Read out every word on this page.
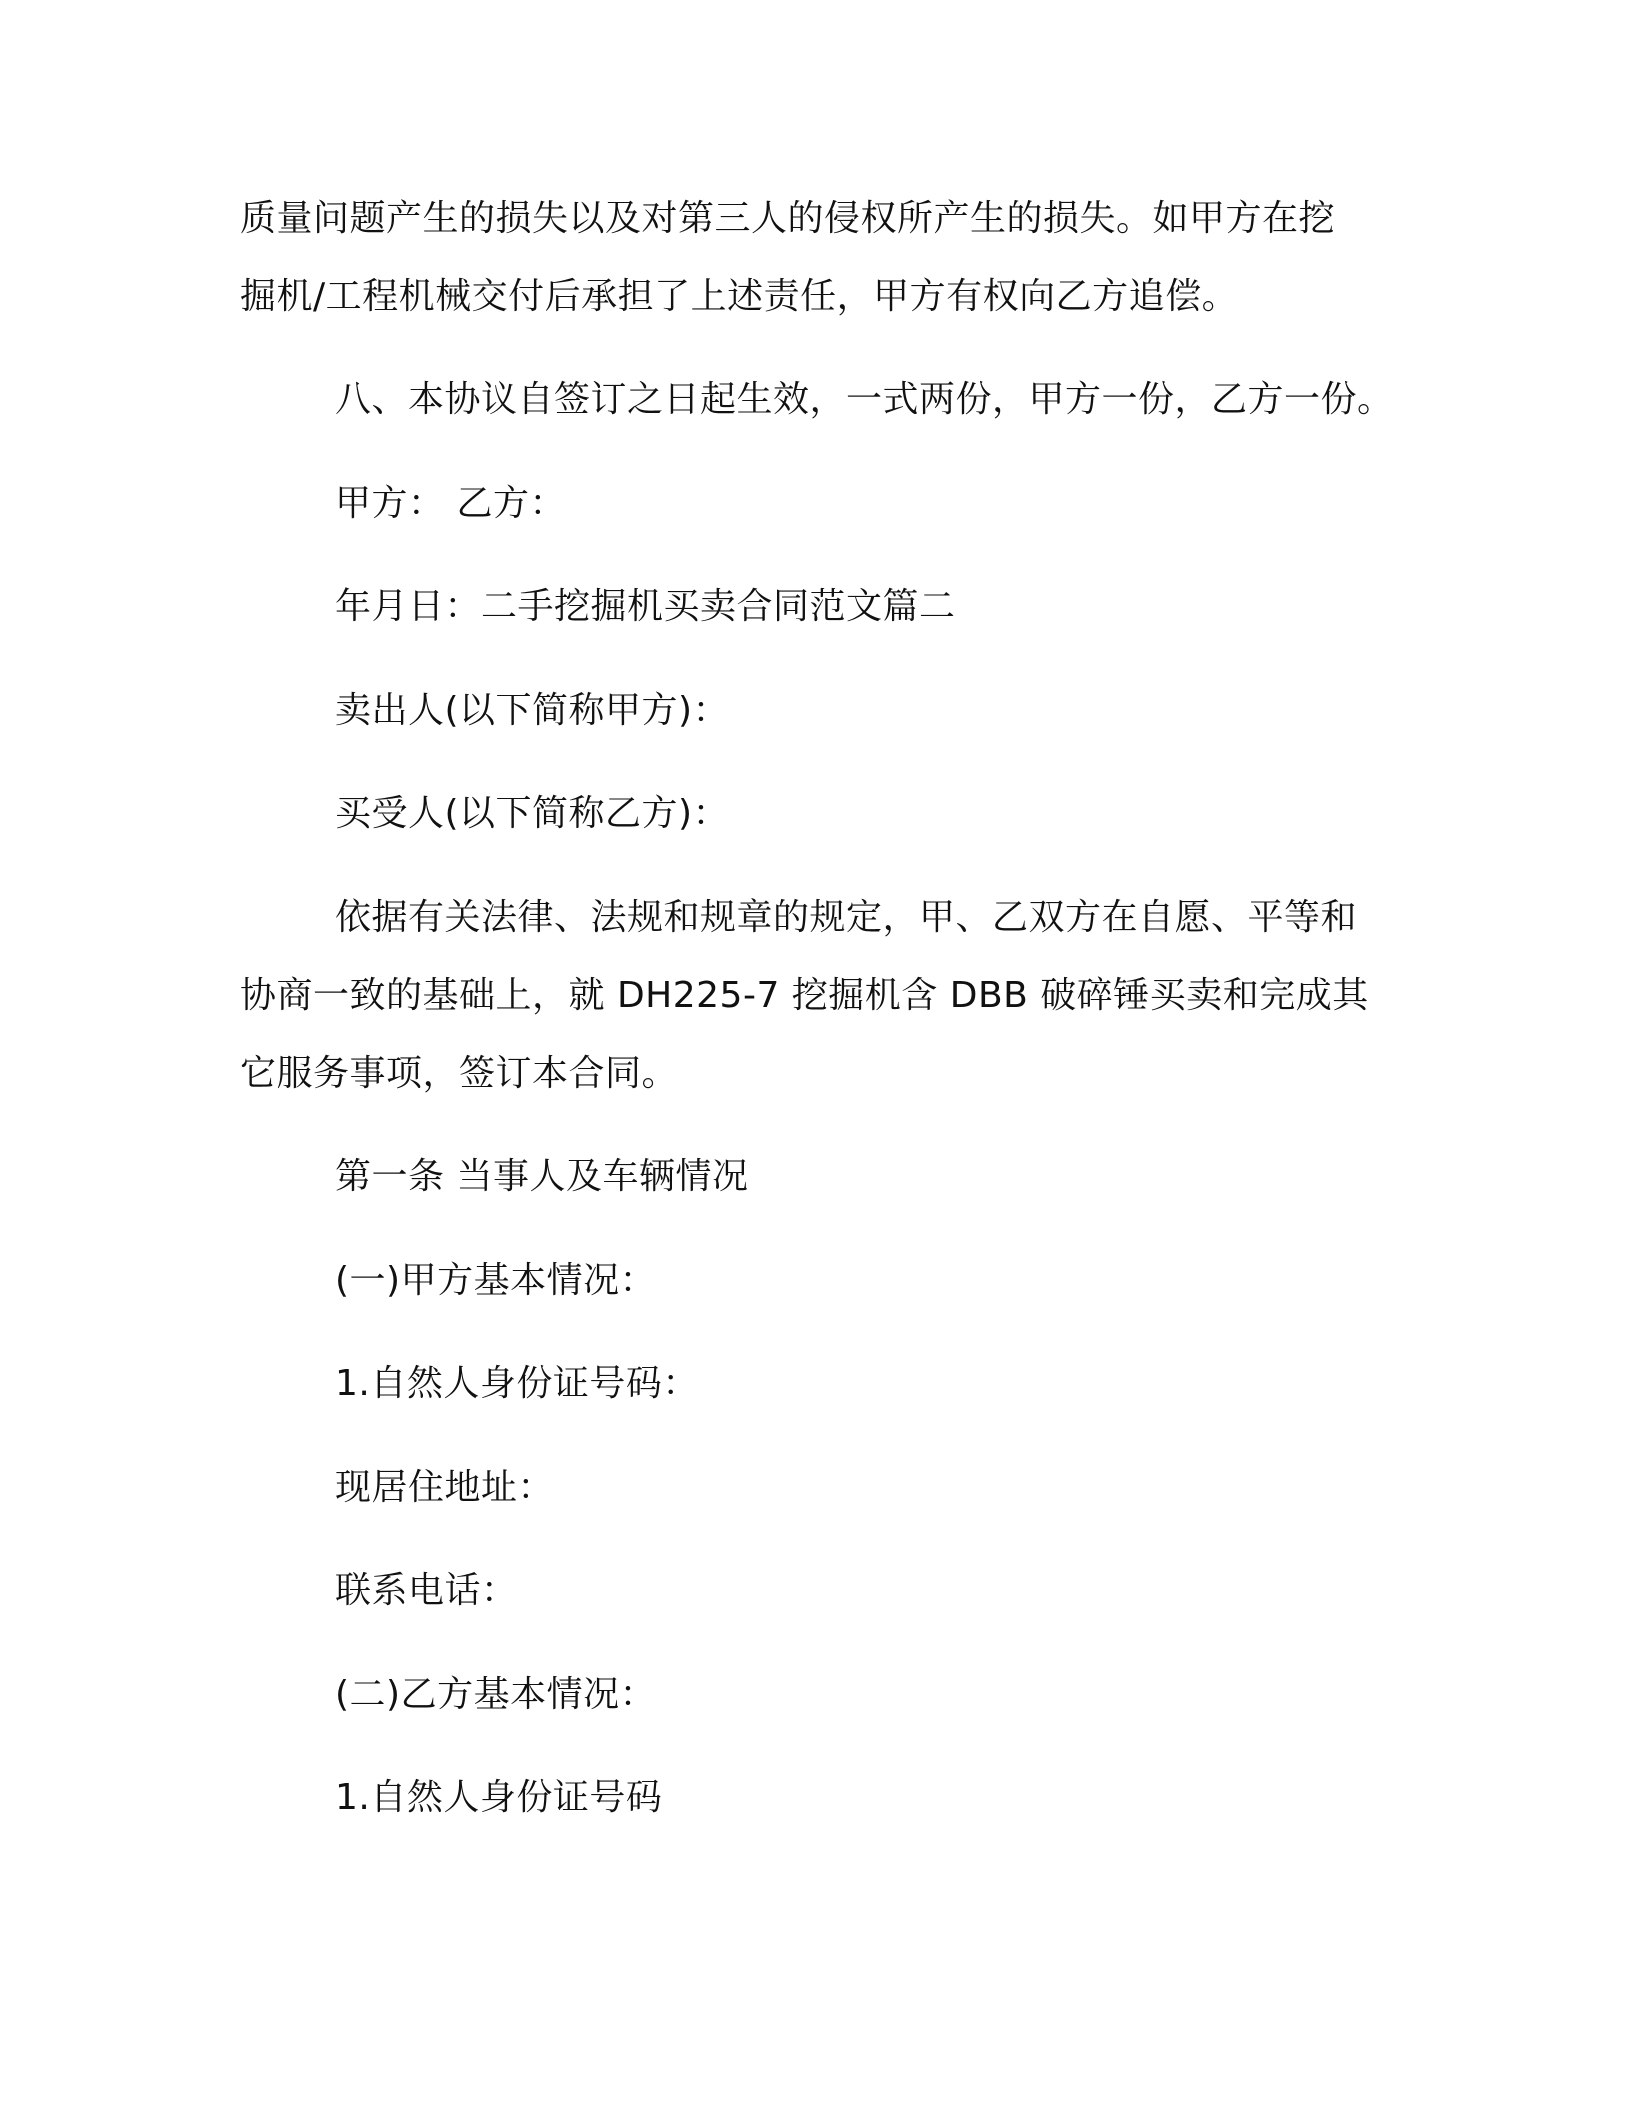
质量问题产生的损失以及对第三人的侵权所产生的损失。如甲方在挖
掘机/工程机械交付后承担了上述责任，甲方有权向乙方追偿。
八、本协议自签订之日起生效，一式两份，甲方一份，乙方一份。
甲方： 乙方：
年月日：二手挖掘机买卖合同范文篇二
卖出人(以下简称甲方)：
买受人(以下简称乙方)：
依据有关法律、法规和规章的规定，甲、乙双方在自愿、平等和
协商一致的基础上，就 DH225-7 挖掘机含 DBB 破碎锤买卖和完成其
它服务事项，签订本合同。
第一条 当事人及车辆情况
(一)甲方基本情况：
1.自然人身份证号码：
现居住地址：
联系电话：
(二)乙方基本情况：
1.自然人身份证号码
